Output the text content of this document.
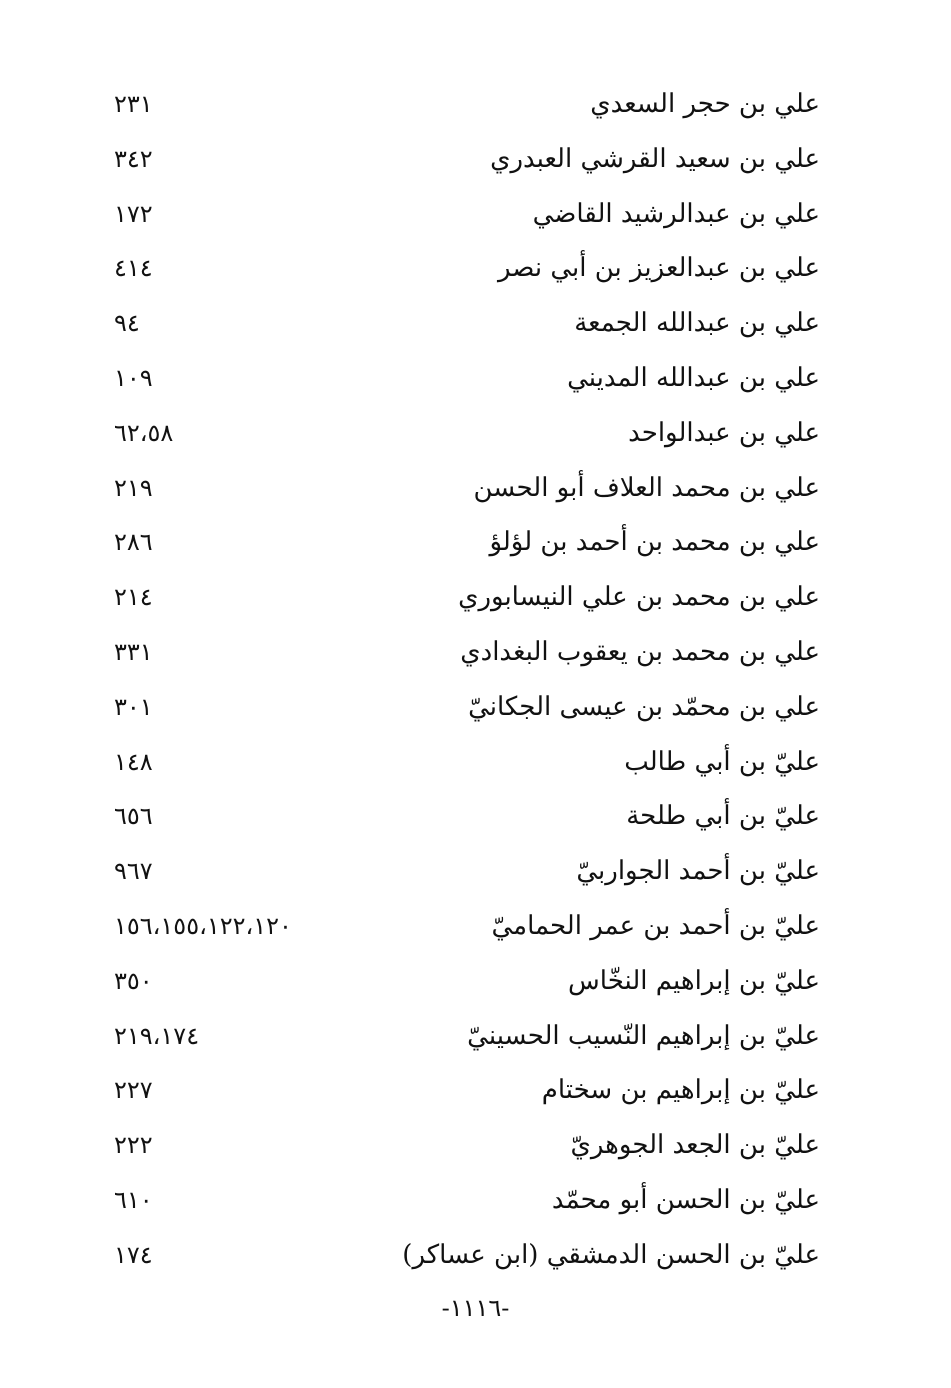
علي بن حجر السعدي
٢٣١
علي بن سعيد القرشي العبدري
٣٤٢
علي بن عبدالرشيد القاضي
١٧٢
علي بن عبدالعزيز بن أبي نصر
٤١٤
علي بن عبدالله الجمعة
٩٤
علي بن عبدالله المديني
١٠٩
علي بن عبدالواحد
٦٢،٥٨
علي بن محمد العلاف أبو الحسن
٢١٩
علي بن محمد بن أحمد بن لؤلؤ
٢٨٦
علي بن محمد بن علي النيسابوري
٢١٤
علي بن محمد بن يعقوب البغدادي
٣٣١
علي بن محمّد بن عيسى الجكانيّ
٣٠١
عليّ بن أبي طالب
١٤٨
عليّ بن أبي طلحة
٦٥٦
عليّ بن أحمد الجواربيّ
٩٦٧
عليّ بن أحمد بن عمر الحماميّ
١٥٦،١٥٥،١٢٢،١٢٠
عليّ بن إبراهيم النخّاس
٣٥٠
عليّ بن إبراهيم النّسيب الحسينيّ
٢١٩،١٧٤
عليّ بن إبراهيم بن سختام
٢٢٧
عليّ بن الجعد الجوهريّ
٢٢٢
عليّ بن الحسن أبو محمّد
٦١٠
عليّ بن الحسن الدمشقي (ابن عساكر)
١٧٤
-١١١٦-
